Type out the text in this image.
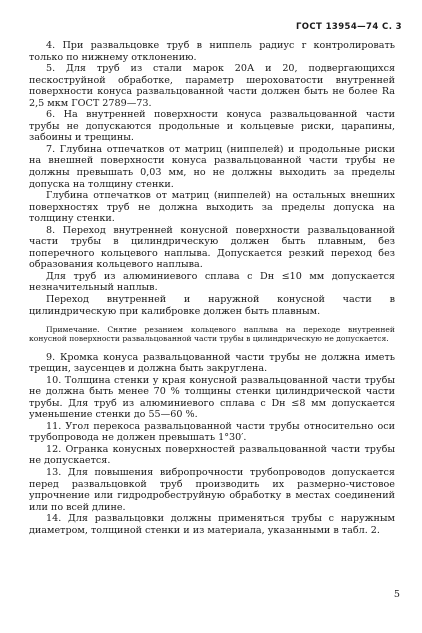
ГОСТ 13954—74 С. 3

4. При развальцовке труб в ниппель радиус r контролировать только по нижнему отклонению.

5. Для труб из стали марок 20А и 20, подвергающихся пескоструйной обработке, параметр шероховатости внутренней поверхности конуса развальцованной части должен быть не более Ra 2,5 мкм ГОСТ 2789—73.

6. На внутренней поверхности конуса развальцованной части трубы не допускаются продольные и кольцевые риски, царапины, забоины и трещины.

7. Глубина отпечатков от матриц (ниппелей) и продольные риски на внешней поверхности конуса развальцованной части трубы не должны превышать 0,03 мм, но не должны выходить за пределы допуска на толщину стенки.

Глубина отпечатков от матриц (ниппелей) на остальных внешних поверхностях труб не должна выходить за пределы допуска на толщину стенки.

8. Переход внутренней конусной поверхности развальцованной части трубы в цилиндрическую должен быть плавным, без поперечного кольцевого наплыва. Допускается резкий переход без образования кольцевого наплыва.

Для труб из алюминиевого сплава с Dн ≤10 мм допускается незначительный наплыв.

Переход внутренней и наружной конусной части в цилиндрическую при калибровке должен быть плавным.

Примечание. Снятие резанием кольцевого наплыва на переходе внутренней конусной поверхности развальцованной части трубы в цилиндрическую не допускается.

9. Кромка конуса развальцованной части трубы не должна иметь трещин, заусенцев и должна быть закруглена.

10. Толщина стенки у края конусной развальцованной части трубы не должна быть менее 70 % толщины стенки цилиндрической части трубы. Для труб из алюминиевого сплава с Dн ≤8 мм допускается уменьшение стенки до 55—60 %.

11. Угол перекоса развальцованной части трубы относительно оси трубопровода не должен превышать 1°30′.

12. Огранка конусных поверхностей развальцованной части трубы не допускается.

13. Для повышения вибропрочности трубопроводов допускается перед развальцовкой труб производить их размерно-чистовое упрочнение или гидродробеструйную обработку в местах соединений или по всей длине.

14. Для развальцовки должны применяться трубы с наружным диаметром, толщиной стенки и из материала, указанными в табл. 2.

5
